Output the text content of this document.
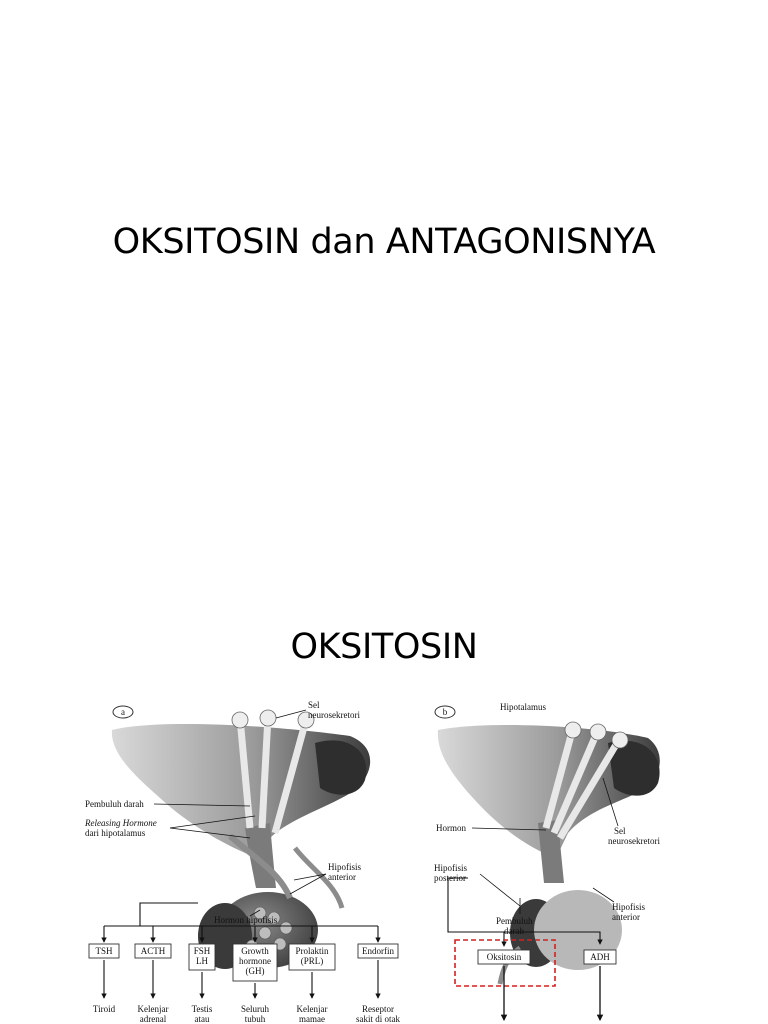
OKSITOSIN dan ANTAGONISNYA
OKSITOSIN
a
Sel
neurosekretori
Pembuluh darah
Releasing Hormone
dari hipotalamus
Hipofisis
anterior
Hormon hipofisis
TSH
Tiroid
ACTH
Kelenjar
adrenal
FSH
LH
Testis
atau
Growth
hormone
(GH)
Seluruh
tubuh
Prolaktin
(PRL)
Kelenjar
mamae
Endorfin
Reseptor
sakit di otak
b	Hipotalamus
Sel
neurosekretori
Hormon
Hipofisis
posterior
Pembuluh
darah
Hipofisis
anterior
Oksitosin	ADH
